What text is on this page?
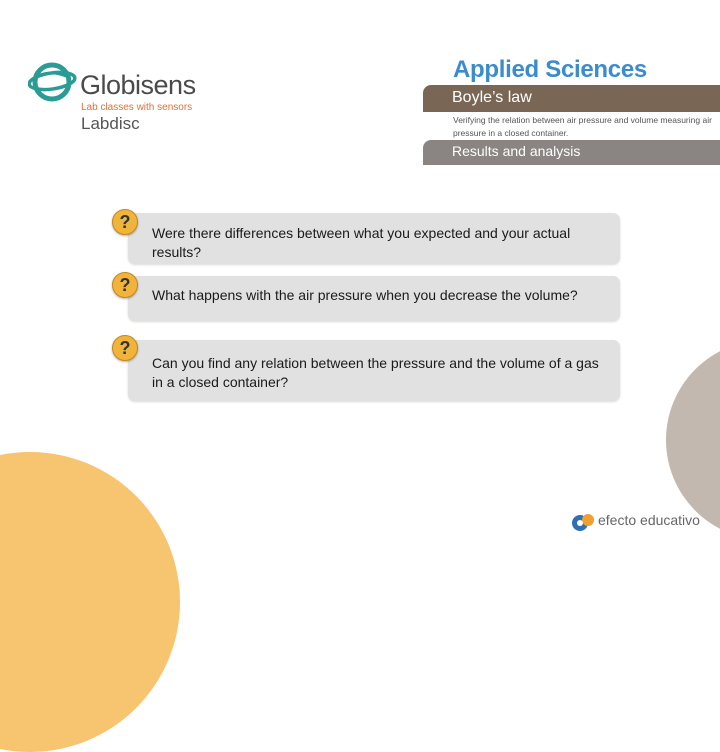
Globisens
Lab classes with sensors
Labdisc
Applied Sciences
Boyle’s law
Verifying the relation between air pressure and volume measuring air pressure in a closed container.
Results and analysis
Were there differences between what you expected and your actual results?
?
What happens with the air pressure when you decrease the volume?
?
Can you find any relation between the pressure and the volume of a gas in a closed container?
?
efecto educativo
